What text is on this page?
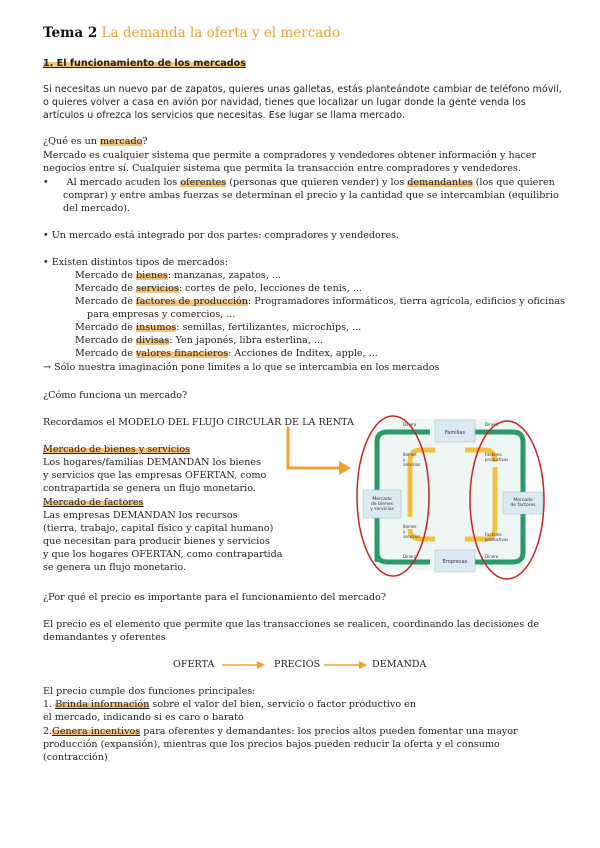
Tema 2 La demanda la oferta y el mercado
1. El funcionamiento de los mercados
Si necesitas un nuevo par de zapatos, quieres unas galletas, estás planteándote cambiar de teléfono móvil,
o quieres volver a casa en avión por navidad, tienes que localizar un lugar donde la gente venda los
artículos u ofrezca los servicios que necesitas. Ese lugar se llama mercado.
¿Qué es un mercado?
Mercado es cualquier sistema que permite a compradores y vendedores obtener información y hacer
negocios entre sí. Cualquier sistema que permita la transacción entre compradores y vendedores.
• Al mercado acuden los oferentes (personas que quieren vender) y los demandantes (los que quieren
comprar) y entre ambas fuerzas se determinan el precio y la cantidad que se intercambian (equilibrio
del mercado).
• Un mercado está integrado por dos partes: compradores y vendedores.
• Existen distintos tipos de mercados:
Mercado de bienes: manzanas, zapatos, ...
Mercado de servicios: cortes de pelo, lecciones de tenis, ...
Mercado de factores de producción: Programadores informáticos, tierra agrícola, edificios y oficinas
para empresas y comercios, ...
Mercado de insumos: semillas, fertilizantes, microchips, ...
Mercado de divisas: Yen japonés, libra esterlina, ...
Mercado de valores financieros: Acciones de Inditex, apple, ...
→ Sólo nuestra imaginación pone límites a lo que se intercambia en los mercados
¿Cómo funciona un mercado?
Recordamos el MODELO DEL FLUJO CIRCULAR DE LA RENTA
Mercado de bienes y servicios
Los hogares/familias DEMANDAN los bienes
y servicios que las empresas OFERTAN, como
contrapartida se genera un flujo monetario.
Mercado de factores
Las empresas DEMANDAN los recursos
(tierra, trabajo, capital físico y capital humano)
que necesitan para producir bienes y servicios
y que los hogares OFERTAN, como contrapartida
se genera un flujo monetario.
Familias
Empresas
Mercado de bienes y servicios
Mercado de factores
Dinero	Dinero
Bienes y servicios
Factores productivos
Bienes y servicios	Factores productivos
Dinero	Dinero
¿Por qué el precio es importante para el funcionamiento del mercado?
El precio es el elemento que permite que las transacciones se realicen, coordinando las decisiones de
demandantes y oferentes
OFERTA	PRECIOS	DEMANDA
El precio cumple dos funciones principales:
1. Brinda información sobre el valor del bien, servicio o factor productivo en
el mercado, indicando si es caro o barato
2.Genera incentivos para oferentes y demandantes: los precios altos pueden fomentar una mayor
producción (expansión), mientras que los precios bajos pueden reducir la oferta y el consumo
(contracción)
